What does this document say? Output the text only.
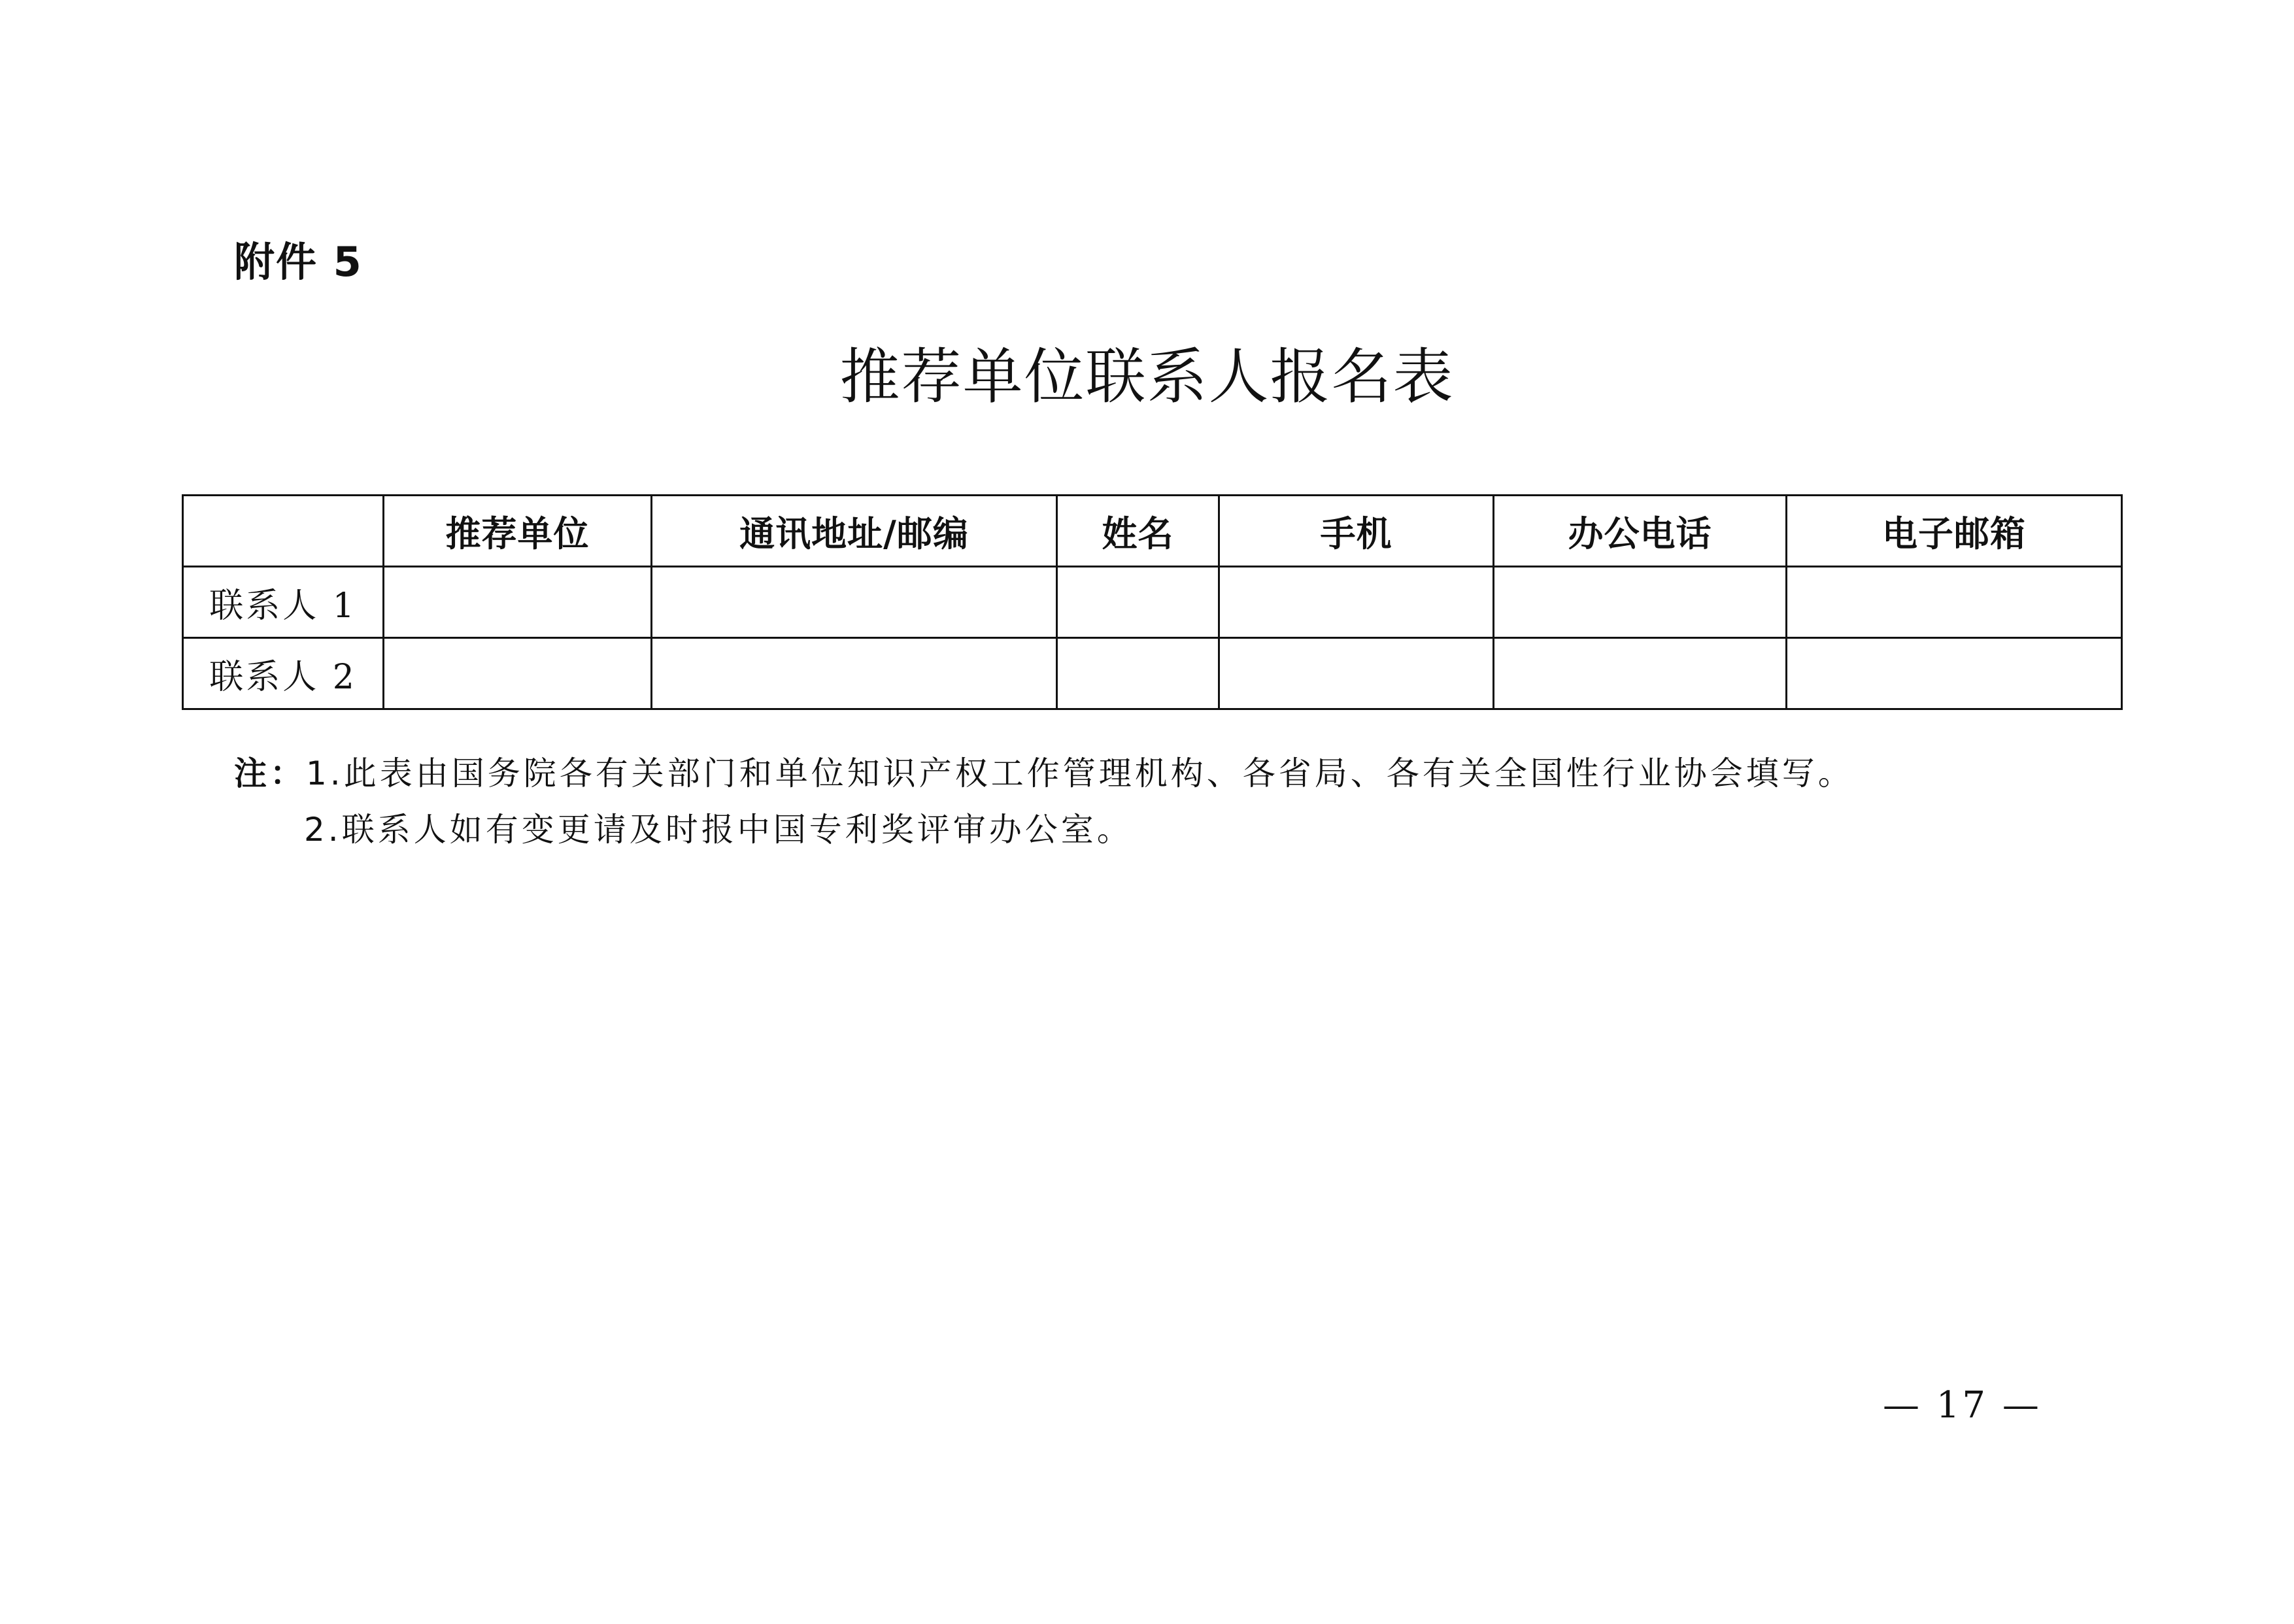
附件 5
推荐单位联系人报名表
	推荐单位	通讯地址/邮编	姓名	手机	办公电话	电子邮箱
联系人 1						
联系人 2						
注：1.此表由国务院各有关部门和单位知识产权工作管理机构、各省局、各有关全国性行业协会填写。
2.联系人如有变更请及时报中国专利奖评审办公室。
— 17 —
